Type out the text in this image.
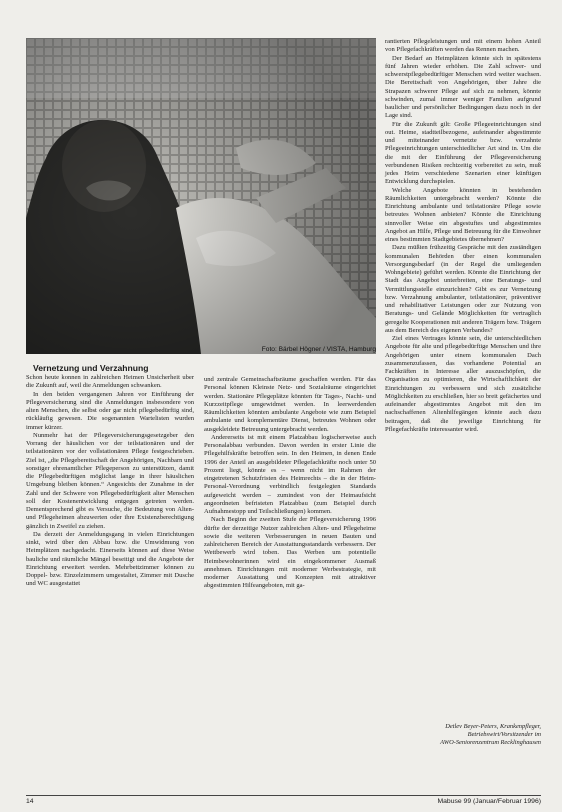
Foto: Bärbel Högner / VISTA, Hamburg

Vernetzung und Verzahnung

Schon heute konnen in zahlreichen Heimen Unsicherheit uber die Zukunft auf, weil die Anmeldungen schwanken.

In den beiden vergangenen Jahren vor Einführung der Pflegeversicherung sind die Anmeldungen insbesondere von alten Menschen, die selbst oder gar nicht pflegebedürftig sind, rückläufig gewesen. Die sogenannten Wartelisten wurden immer kürzer.

Nunmehr hat der Pflegeversicherungsgesetzgeber den Vorrang der häuslichen vor der teilstationären und der teilstationären vor der vollstationären Pflege festgeschrieben. Ziel ist, „die Pflegebereitschaft der Angehörigen, Nachbarn und sonstiger ehrenamtlicher Pflegeperson zu unterstützen, damit die Pflegebedürftigen möglichst lange in ihrer häuslichen Umgebung bleiben können.“ Angesichts der Zunahme in der Zahl und der Schwere von Pflegebedürftigkeit alter Menschen soll der Kostenentwicklung entgegen getreten werden. Dementsprechend gibt es Versuche, die Bedeutung von Alten- und Pflegeheimen abzuwerten oder ihre Existenzberechtigung gänzlich in Zweifel zu ziehen.

Da derzeit der Anmeldungsgang in vielen Einrichtungen sinkt, wird über den Abbau bzw. die Umwidmung von Heimplätzen nachgedacht. Einerseits können auf diese Weise bauliche und räumliche Mängel beseitigt und die Angebote der Einrichtung erweitert werden. Mehrbettzimmer können zu Doppel- bzw. Einzelzimmern umgestaltet, Zimmer mit Dusche und WC ausgestattet

und zentrale Gemeinschaftsräume geschaffen werden. Für das Personal können Kleinste Netz- und Sozialräume eingerichtet werden. Stationäre Pflegeplätze könnten für Tages-, Nacht- und Kurzzeitpflege umgewidmet werden. In leerwerdenden Räumlichkeiten könnten ambulante Angebote wie zum Beispiel ambulante und komplementäre Dienst, betreutes Wohnen oder ausgekleidete Betreuung untergebracht werden.

Andererseits ist mit einem Platzabbau logischerweise auch Personalabbau verbunden. Davon werden in erster Linie die Pflegehilfskräfte betroffen sein. In den Heimen, in denen Ende 1996 der Anteil an ausgebildeter Pflegefachkräfte noch unter 50 Prozent liegt, könnte es – wenn nicht im Rahmen der eingetretenen Schutzfristen des Heimrechts – die in der Heim-Personal-Verordnung verbindlich festgelegten Standards aufgeweicht werden – zumindest von der Heimaufsicht angeordneten befristeten Platzabbau (zum Beispiel durch Aufnahmestopp und Teilschließungen) kommen.

Nach Beginn der zweiten Stufe der Pflegeversicherung 1996 dürfte der derzeitige Nutzer zahlreichen Alten- und Pflegeheime sowie die weiteren Verbesserungen in neuen Bauten und zahlreicheren Bereich der Ausstattungsstandards verbessern. Der Wettbewerb wird toben. Das Werben um potentielle Heimbewohnerinnen wird ein eingekommener Ausmaß annehmen. Einrichtungen mit moderner Werbestrategie, mit moderner Ausstattung und Konzepten mit attraktiver abgestimmten Hilfeangeboten, mit ga-

rantierten Pflegeleistungen und mit einem hohen Anteil von Pflegefachkräften werden das Rennen machen.

Der Bedarf an Heimplätzen könnte sich in spätestens fünf Jahren wieder erhöhen. Die Zahl schwer- und schwerstpflegebedürftiger Menschen wird weiter wachsen. Die Bereitschaft von Angehörigen, über Jahre die Strapazen schwerer Pflege auf sich zu nehmen, könnte schwinden, zumal immer weniger Familien aufgrund baulicher und persönlicher Bedingungen dazu noch in der Lage sind.

Für die Zukunft gilt: Große Pflegeeinrichtungen sind out. Heime, stadtteilbezogene, aufeinander abgestimmte und miteinander vernetzte bzw. verzahnte Pflegeeinrichtungen unterschiedlicher Art sind in. Um die die mit der Einführung der Pflegeversicherung verbundenen Risiken rechtzeitig vorbereitet zu sein, muß jedes Heim verschiedene Szenarien einer künftigen Entwicklung durchspielen.

Welche Angebote könnten in bestehenden Räumlichkeiten untergebracht werden? Könnte die Einrichtung ambulante und teilstationäre Pflege sowie betreutes Wohnen anbieten? Könnte die Einrichtung sinnvoller Weise ein abgestuftes und abgestimmtes Angebot an Hilfe, Pflege und Betreuung für die Einwohner eines bestimmten Stadtgebietes übernehmen?

Dazu müßten frühzeitig Gespräche mit den zuständigen kommunalen Behörden über einen kommunalen Versorgungsbedarf (in der Regel die umliegenden Wohngebiete) geführt werden. Könnte die Einrichtung der Stadt das Angebot unterbreiten, eine Beratungs- und Vermittlungsstelle einzurichten? Gibt es zur Vernetzung bzw. Verzahnung ambulanter, teilstationärer, präventiver und rehabilitativer Leistungen oder zur Nutzung von Beratungs- und Gelände Möglichkeiten für vertraglich geregelte Kooperationen mit anderen Trägern bzw. Trägern aus dem Bereich des eigenen Verbandes?

Ziel eines Vertrages könnte sein, die unterschiedlichen Angebote für alte und pflegebedürftige Menschen und ihre Angehörigen unter einem kommunalen Dach zusammenzufassen, das vorhandene Potential an Fachkräften in Interesse aller auszuschöpfen, die Organisation zu optimieren, die Wirtschaftlichkeit der Einrichtungen zu verbessern und sich zusätzliche Möglichkeiten zu erschließen, hier so breit gefächertes und aufeinander abgestimmtes Angebot mit den im nachschaffenen Altenhilfegängen könnte auch dazu beitragen, daß die jeweilige Einrichtung für Pflegefachkräfte interessanter wird.

Detlev Beyer-Peters, Krankenpfleger,
Betriebswirt/Vorsitzender im
AWO-Seniorenzentrum Recklinghausen
14	Mabuse 99 (Januar/Februar 1996)
